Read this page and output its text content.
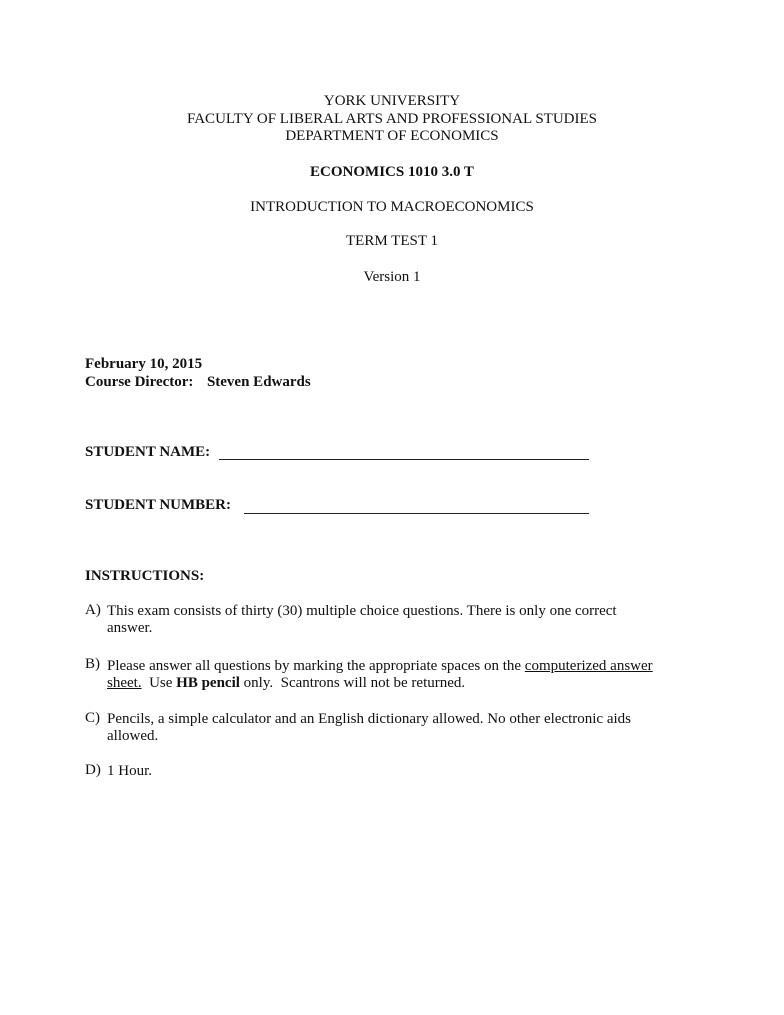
YORK UNIVERSITY
FACULTY OF LIBERAL ARTS AND PROFESSIONAL STUDIES
DEPARTMENT OF ECONOMICS
ECONOMICS 1010 3.0 T
INTRODUCTION TO MACROECONOMICS
TERM TEST 1
Version 1
February 10, 2015
Course Director: Steven Edwards
STUDENT NAME:
STUDENT NUMBER:
INSTRUCTIONS:
A) This exam consists of thirty (30) multiple choice questions. There is only one correct
answer.
B) Please answer all questions by marking the appropriate spaces on the computerized answer
sheet.  Use HB pencil only.  Scantrons will not be returned.
C) Pencils, a simple calculator and an English dictionary allowed. No other electronic aids
allowed.
D) 1 Hour.
